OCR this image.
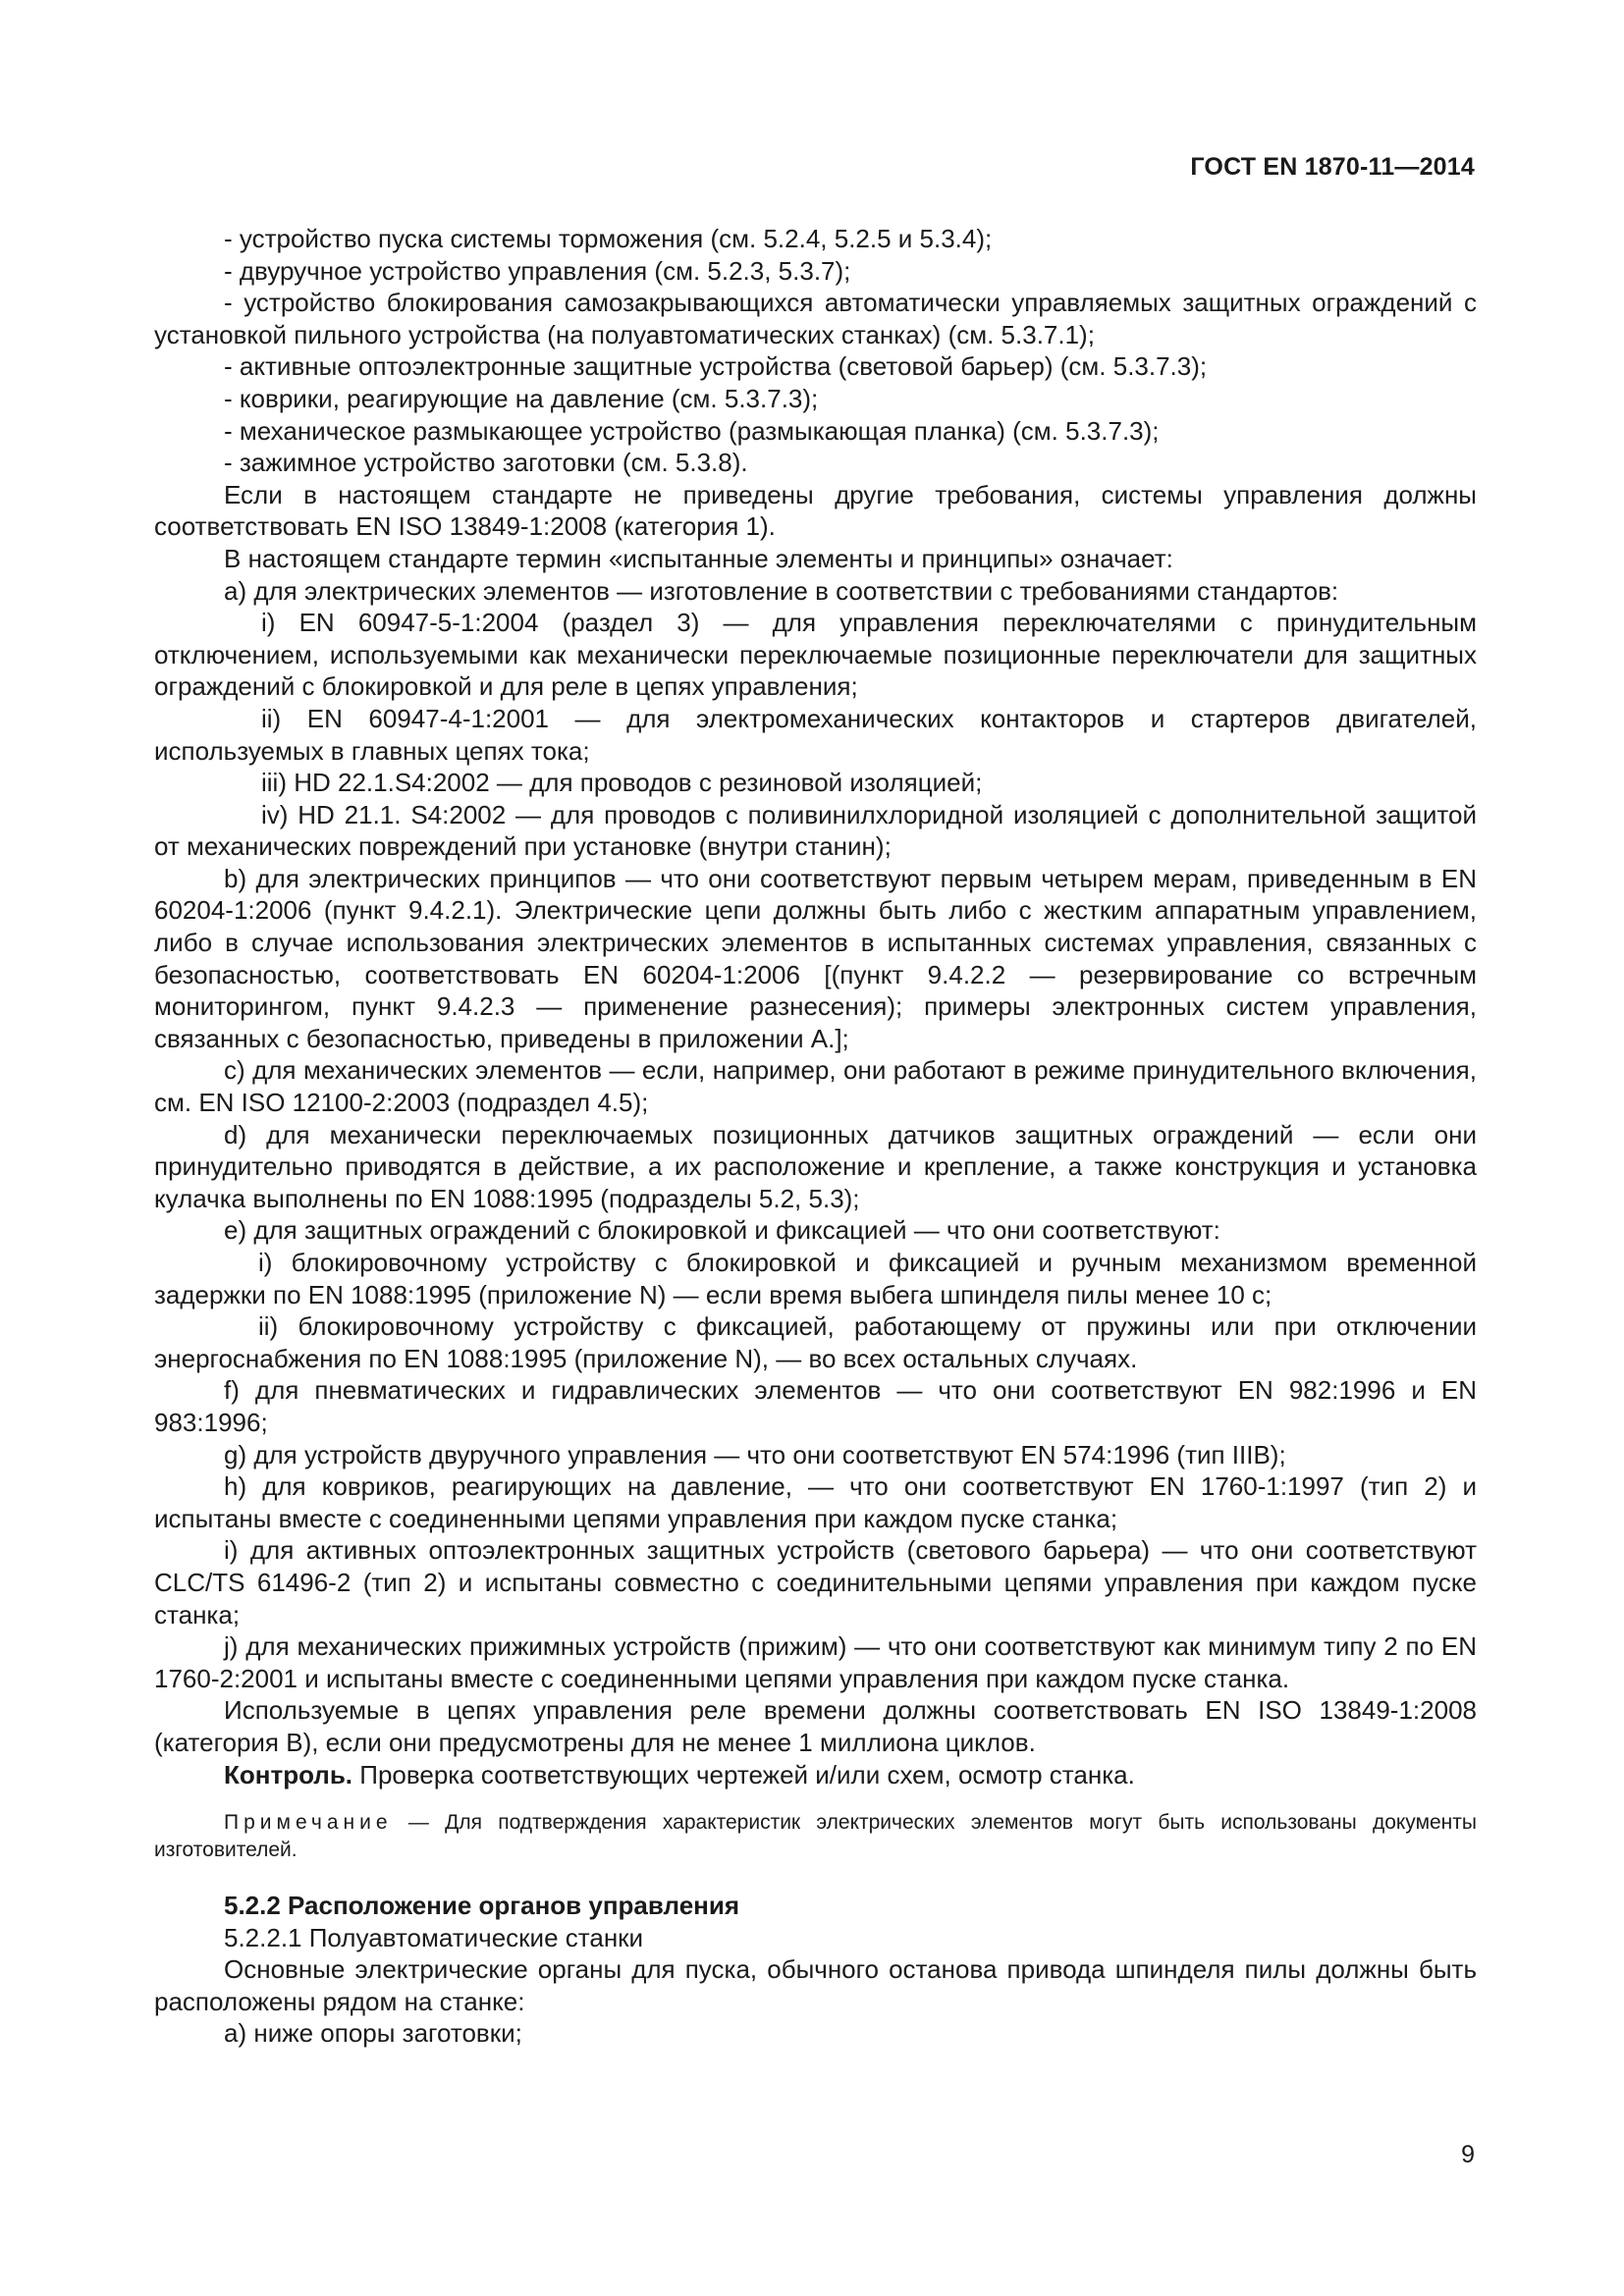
ГОСТ EN 1870-11—2014

- устройство пуска системы торможения (см. 5.2.4, 5.2.5 и 5.3.4);

- двуручное устройство управления (см. 5.2.3, 5.3.7);

- устройство блокирования самозакрывающихся автоматически управляемых защитных ограждений с установкой пильного устройства (на полуавтоматических станках) (см. 5.3.7.1);

- активные оптоэлектронные защитные устройства (световой барьер) (см. 5.3.7.3);

- коврики, реагирующие на давление (см. 5.3.7.3);

- механическое размыкающее устройство (размыкающая планка) (см. 5.3.7.3);

- зажимное устройство заготовки (см. 5.3.8).

Если в настоящем стандарте не приведены другие требования, системы управления должны соответствовать EN ISO 13849-1:2008 (категория 1).

В настоящем стандарте термин «испытанные элементы и принципы» означает:

а) для электрических элементов — изготовление в соответствии с требованиями стандартов:

i) EN 60947-5-1:2004 (раздел 3) — для управления переключателями с принудительным отключением, используемыми как механически переключаемые позиционные переключатели для защитных ограждений с блокировкой и для реле в цепях управления;

ii) EN 60947-4-1:2001 — для электромеханических контакторов и стартеров двигателей, используемых в главных цепях тока;

iii) HD 22.1.S4:2002 — для проводов с резиновой изоляцией;

iv) HD 21.1. S4:2002 — для проводов с поливинилхлоридной изоляцией с дополнительной защитой от механических повреждений при установке (внутри станин);

b) для электрических принципов — что они соответствуют первым четырем мерам, приведенным в EN 60204-1:2006 (пункт 9.4.2.1). Электрические цепи должны быть либо с жестким аппаратным управлением, либо в случае использования электрических элементов в испытанных системах управления, связанных с безопасностью, соответствовать EN 60204-1:2006 [(пункт 9.4.2.2 — резервирование со встречным мониторингом, пункт 9.4.2.3 — применение разнесения); примеры электронных систем управления, связанных с безопасностью, приведены в приложении А.];

с) для механических элементов — если, например, они работают в режиме принудительного включения, см. EN ISO 12100-2:2003 (подраздел 4.5);

d) для механически переключаемых позиционных датчиков защитных ограждений — если они принудительно приводятся в действие, а их расположение и крепление, а также конструкция и установка кулачка выполнены по EN 1088:1995 (подразделы 5.2, 5.3);

е) для защитных ограждений с блокировкой и фиксацией — что они соответствуют:

i) блокировочному устройству с блокировкой и фиксацией и ручным механизмом временной задержки по EN 1088:1995 (приложение N) — если время выбега шпинделя пилы менее 10 с;

ii) блокировочному устройству с фиксацией, работающему от пружины или при отключении энергоснабжения по EN 1088:1995 (приложение N), — во всех остальных случаях.

f) для пневматических и гидравлических элементов — что они соответствуют EN 982:1996 и EN 983:1996;

g) для устройств двуручного управления — что они соответствуют EN 574:1996 (тип IIIB);

h) для ковриков, реагирующих на давление, — что они соответствуют EN 1760-1:1997 (тип 2) и испытаны вместе с соединенными цепями управления при каждом пуске станка;

i) для активных оптоэлектронных защитных устройств (светового барьера) — что они соответствуют CLC/TS 61496-2 (тип 2) и испытаны совместно с соединительными цепями управления при каждом пуске станка;

j) для механических прижимных устройств (прижим) — что они соответствуют как минимум типу 2 по EN 1760-2:2001 и испытаны вместе с соединенными цепями управления при каждом пуске станка.

Используемые в цепях управления реле времени должны соответствовать EN ISO 13849-1:2008 (категория В), если они предусмотрены для не менее 1 миллиона циклов.

Контроль. Проверка соответствующих чертежей и/или схем, осмотр станка.

Примечание — Для подтверждения характеристик электрических элементов могут быть использованы документы изготовителей.

5.2.2 Расположение органов управления

5.2.2.1 Полуавтоматические станки

Основные электрические органы для пуска, обычного останова привода шпинделя пилы должны быть расположены рядом на станке:

а) ниже опоры заготовки;

9
